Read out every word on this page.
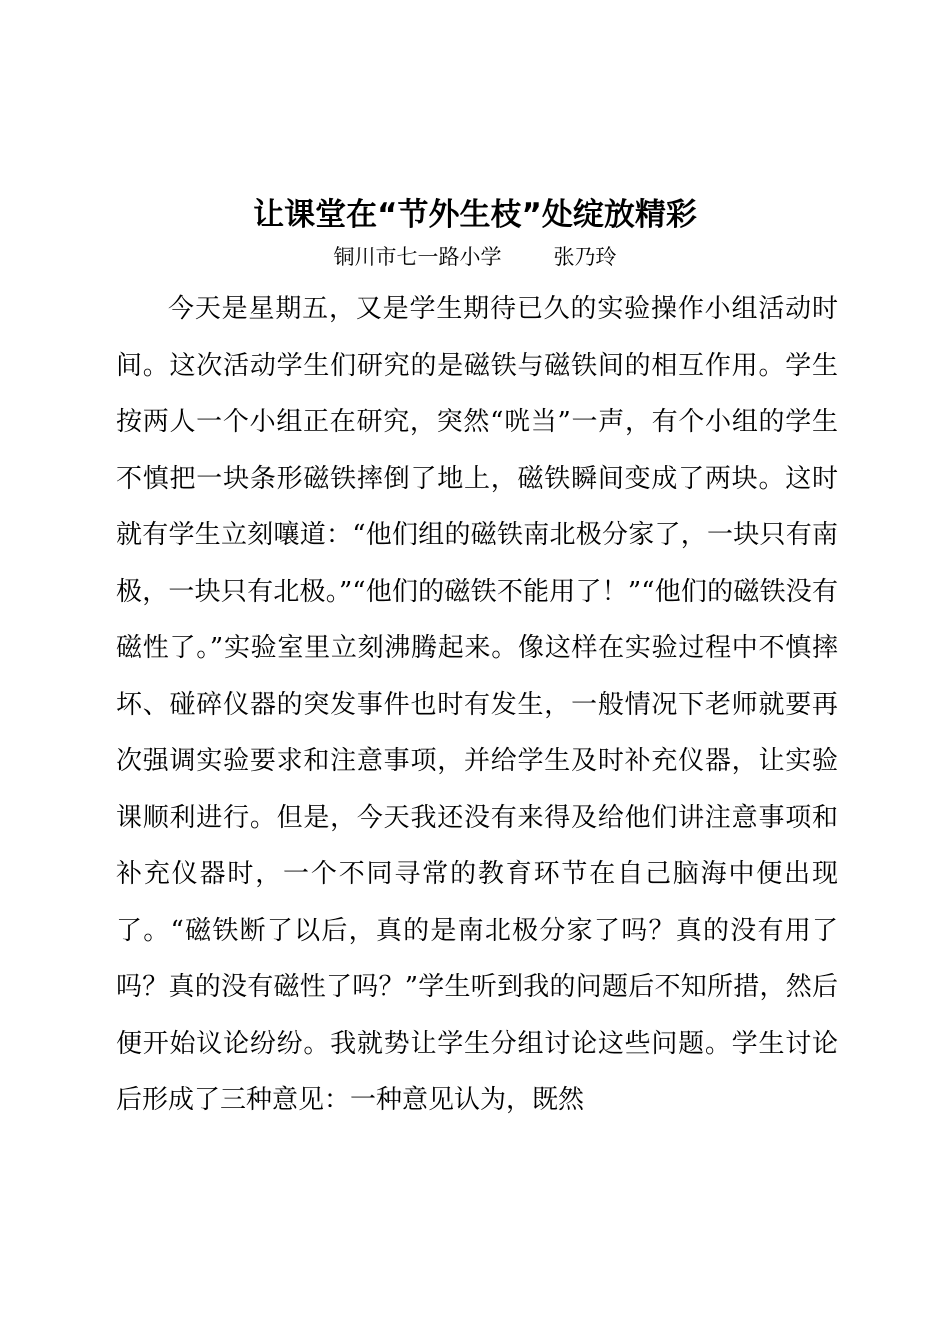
让课堂在“节外生枝”处绽放精彩
铜川市七一路小学 张乃玲

今天是星期五，又是学生期待已久的实验操作小组活动时间。这次活动学生们研究的是磁铁与磁铁间的相互作用。学生按两人一个小组正在研究，突然“咣当”一声，有个小组的学生不慎把一块条形磁铁摔倒了地上，磁铁瞬间变成了两块。这时就有学生立刻嚷道：“他们组的磁铁南北极分家了，一块只有南极，一块只有北极。”“他们的磁铁不能用了！”“他们的磁铁没有磁性了。”实验室里立刻沸腾起来。像这样在实验过程中不慎摔坏、碰碎仪器的突发事件也时有发生，一般情况下老师就要再次强调实验要求和注意事项，并给学生及时补充仪器，让实验课顺利进行。但是，今天我还没有来得及给他们讲注意事项和补充仪器时，一个不同寻常的教育环节在自己脑海中便出现了。“磁铁断了以后，真的是南北极分家了吗？真的没有用了吗？真的没有磁性了吗？”学生听到我的问题后不知所措，然后便开始议论纷纷。我就势让学生分组讨论这些问题。学生讨论后形成了三种意见：一种意见认为，既然
